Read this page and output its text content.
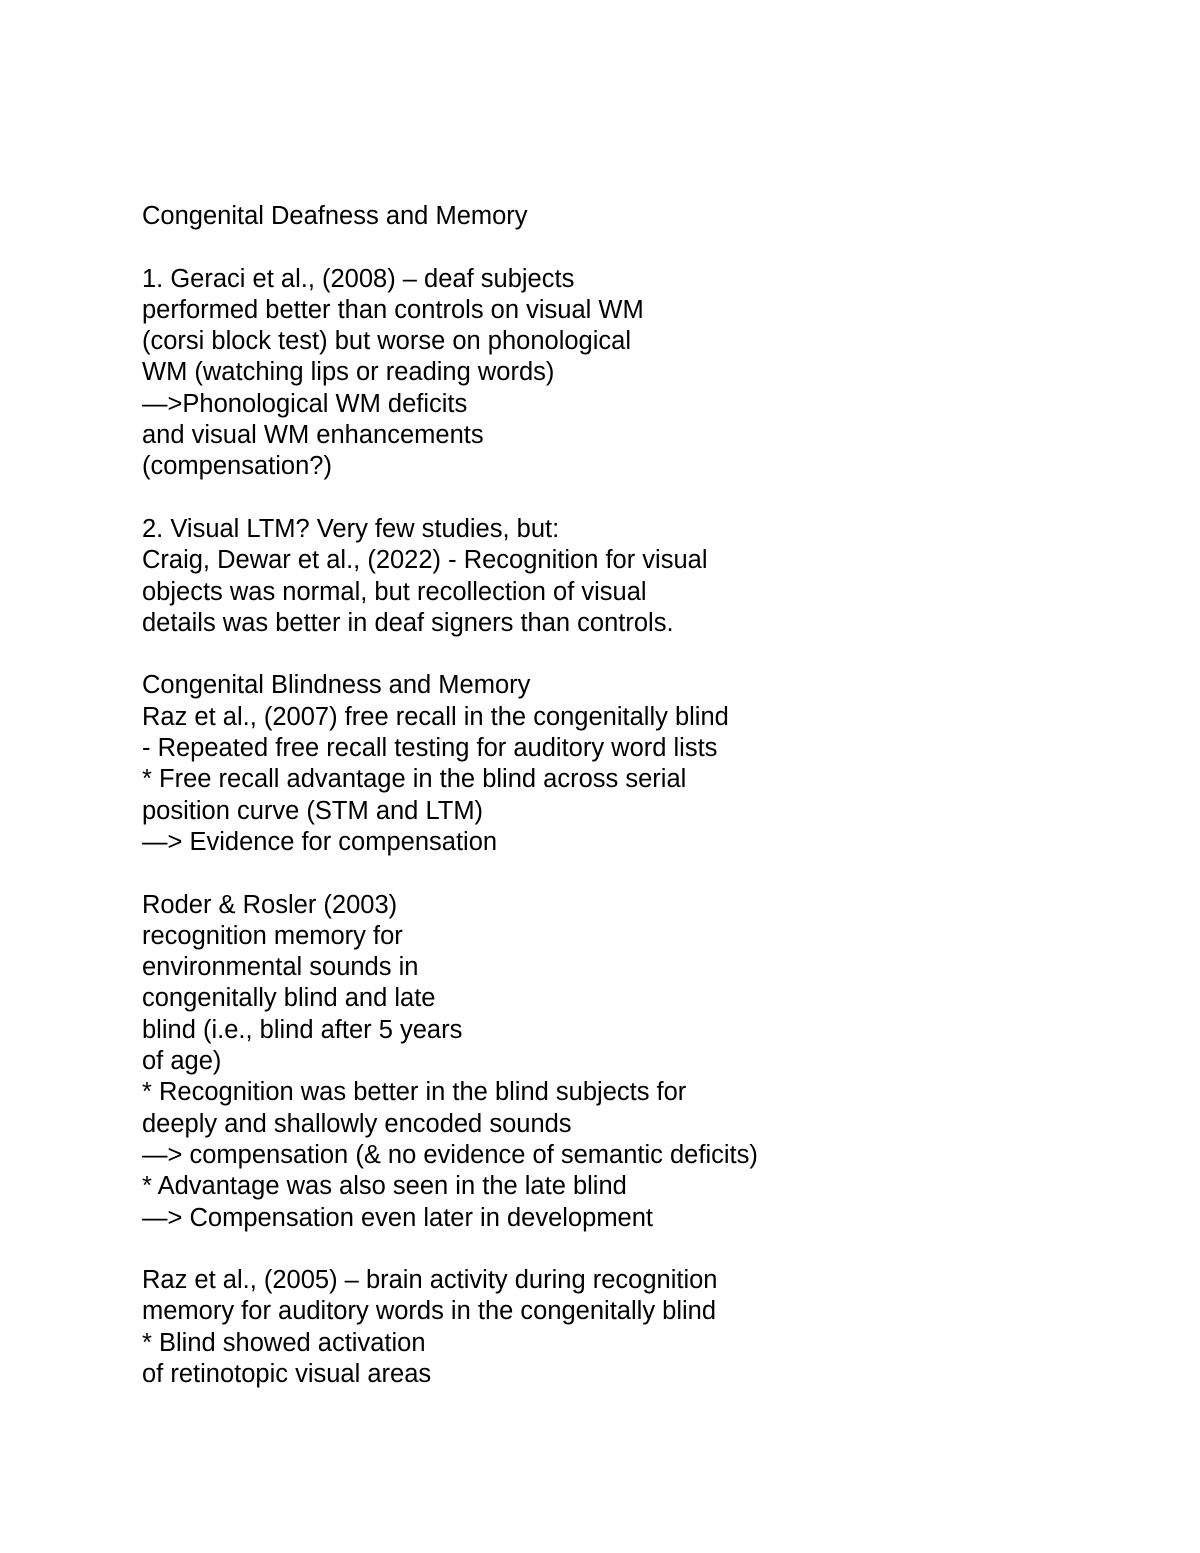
Congenital Deafness and Memory
1. Geraci et al., (2008) – deaf subjects
performed better than controls on visual WM
(corsi block test) but worse on phonological
WM (watching lips or reading words)
—>Phonological WM deficits
and visual WM enhancements
(compensation?)
2. Visual LTM? Very few studies, but:
Craig, Dewar et al., (2022) - Recognition for visual
objects was normal, but recollection of visual
details was better in deaf signers than controls.
Congenital Blindness and Memory
Raz et al., (2007) free recall in the congenitally blind
- Repeated free recall testing for auditory word lists
* Free recall advantage in the blind across serial
position curve (STM and LTM)
—> Evidence for compensation
Roder & Rosler (2003)
recognition memory for
environmental sounds in
congenitally blind and late
blind (i.e., blind after 5 years
of age)
* Recognition was better in the blind subjects for
deeply and shallowly encoded sounds
—> compensation (& no evidence of semantic deficits)
* Advantage was also seen in the late blind
—> Compensation even later in development
Raz et al., (2005) – brain activity during recognition
memory for auditory words in the congenitally blind
* Blind showed activation
of retinotopic visual areas
